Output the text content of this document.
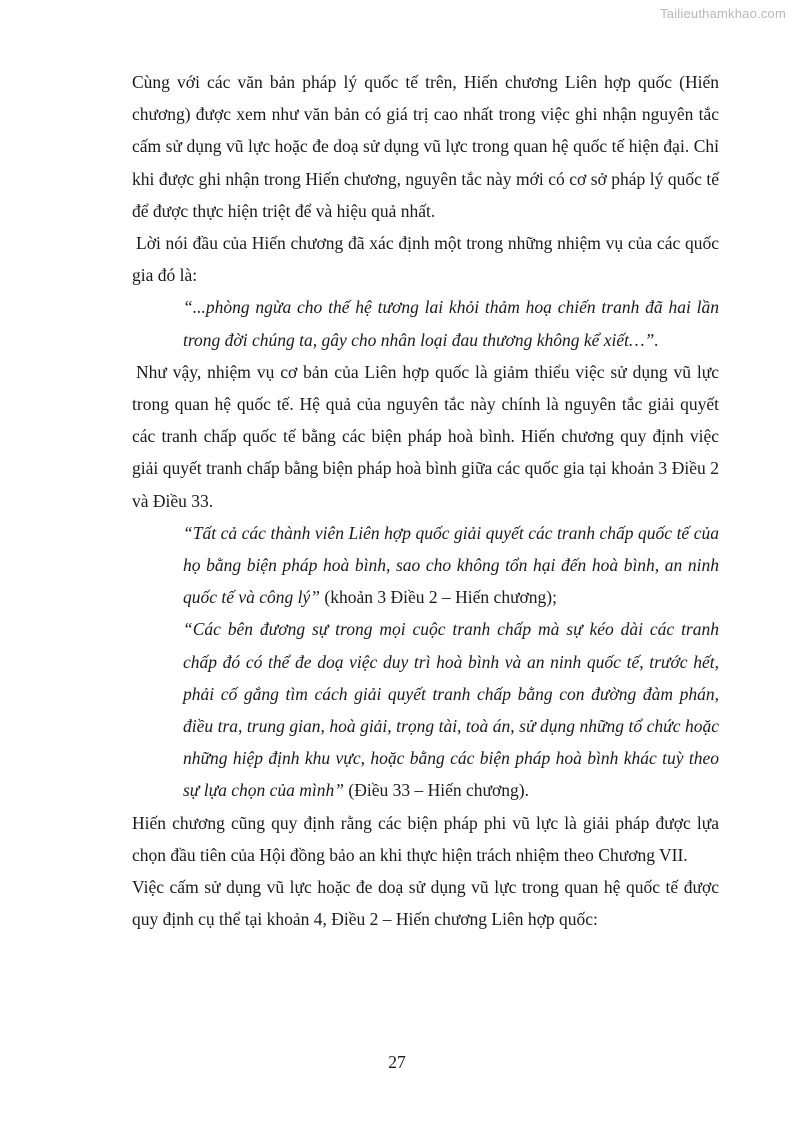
Tailieuthamkhao.com

Cùng với các văn bản pháp lý quốc tế trên, Hiến chương Liên hợp quốc (Hiến chương) được xem như văn bản có giá trị cao nhất trong việc ghi nhận nguyên tắc cấm sử dụng vũ lực hoặc đe doạ sử dụng vũ lực trong quan hệ quốc tế hiện đại. Chỉ khi được ghi nhận trong Hiến chương, nguyên tắc này mới có cơ sở pháp lý quốc tế để được thực hiện triệt để và hiệu quả nhất.

Lời nói đầu của Hiến chương đã xác định một trong những nhiệm vụ của các quốc gia đó là:

“...phòng ngừa cho thế hệ tương lai khỏi thảm hoạ chiến tranh đã hai lần trong đời chúng ta, gây cho nhân loại đau thương không kể xiết…”.

Như vậy, nhiệm vụ cơ bản của Liên hợp quốc là giảm thiểu việc sử dụng vũ lực trong quan hệ quốc tế. Hệ quả của nguyên tắc này chính là nguyên tắc giải quyết các tranh chấp quốc tế bằng các biện pháp hoà bình. Hiến chương quy định việc giải quyết tranh chấp bằng biện pháp hoà bình giữa các quốc gia tại khoản 3 Điều 2 và Điều 33.

“Tất cả các thành viên Liên hợp quốc giải quyết các tranh chấp quốc tế của họ bằng biện pháp hoà bình, sao cho không tổn hại đến hoà bình, an ninh quốc tế và công lý” (khoản 3 Điều 2 – Hiến chương);

“Các bên đương sự trong mọi cuộc tranh chấp mà sự kéo dài các tranh chấp đó có thể đe doạ việc duy trì hoà bình và an ninh quốc tế, trước hết, phải cố gắng tìm cách giải quyết tranh chấp bằng con đường đàm phán, điều tra, trung gian, hoà giải, trọng tài, toà án, sử dụng những tổ chức hoặc những hiệp định khu vực, hoặc bằng các biện pháp hoà bình khác tuỳ theo sự lựa chọn của mình” (Điều 33 – Hiến chương).

Hiến chương cũng quy định rằng các biện pháp phi vũ lực là giải pháp được lựa chọn đầu tiên của Hội đồng bảo an khi thực hiện trách nhiệm theo Chương VII.

Việc cấm sử dụng vũ lực hoặc đe doạ sử dụng vũ lực trong quan hệ quốc tế được quy định cụ thể tại khoản 4, Điều 2 – Hiến chương Liên hợp quốc:

27
